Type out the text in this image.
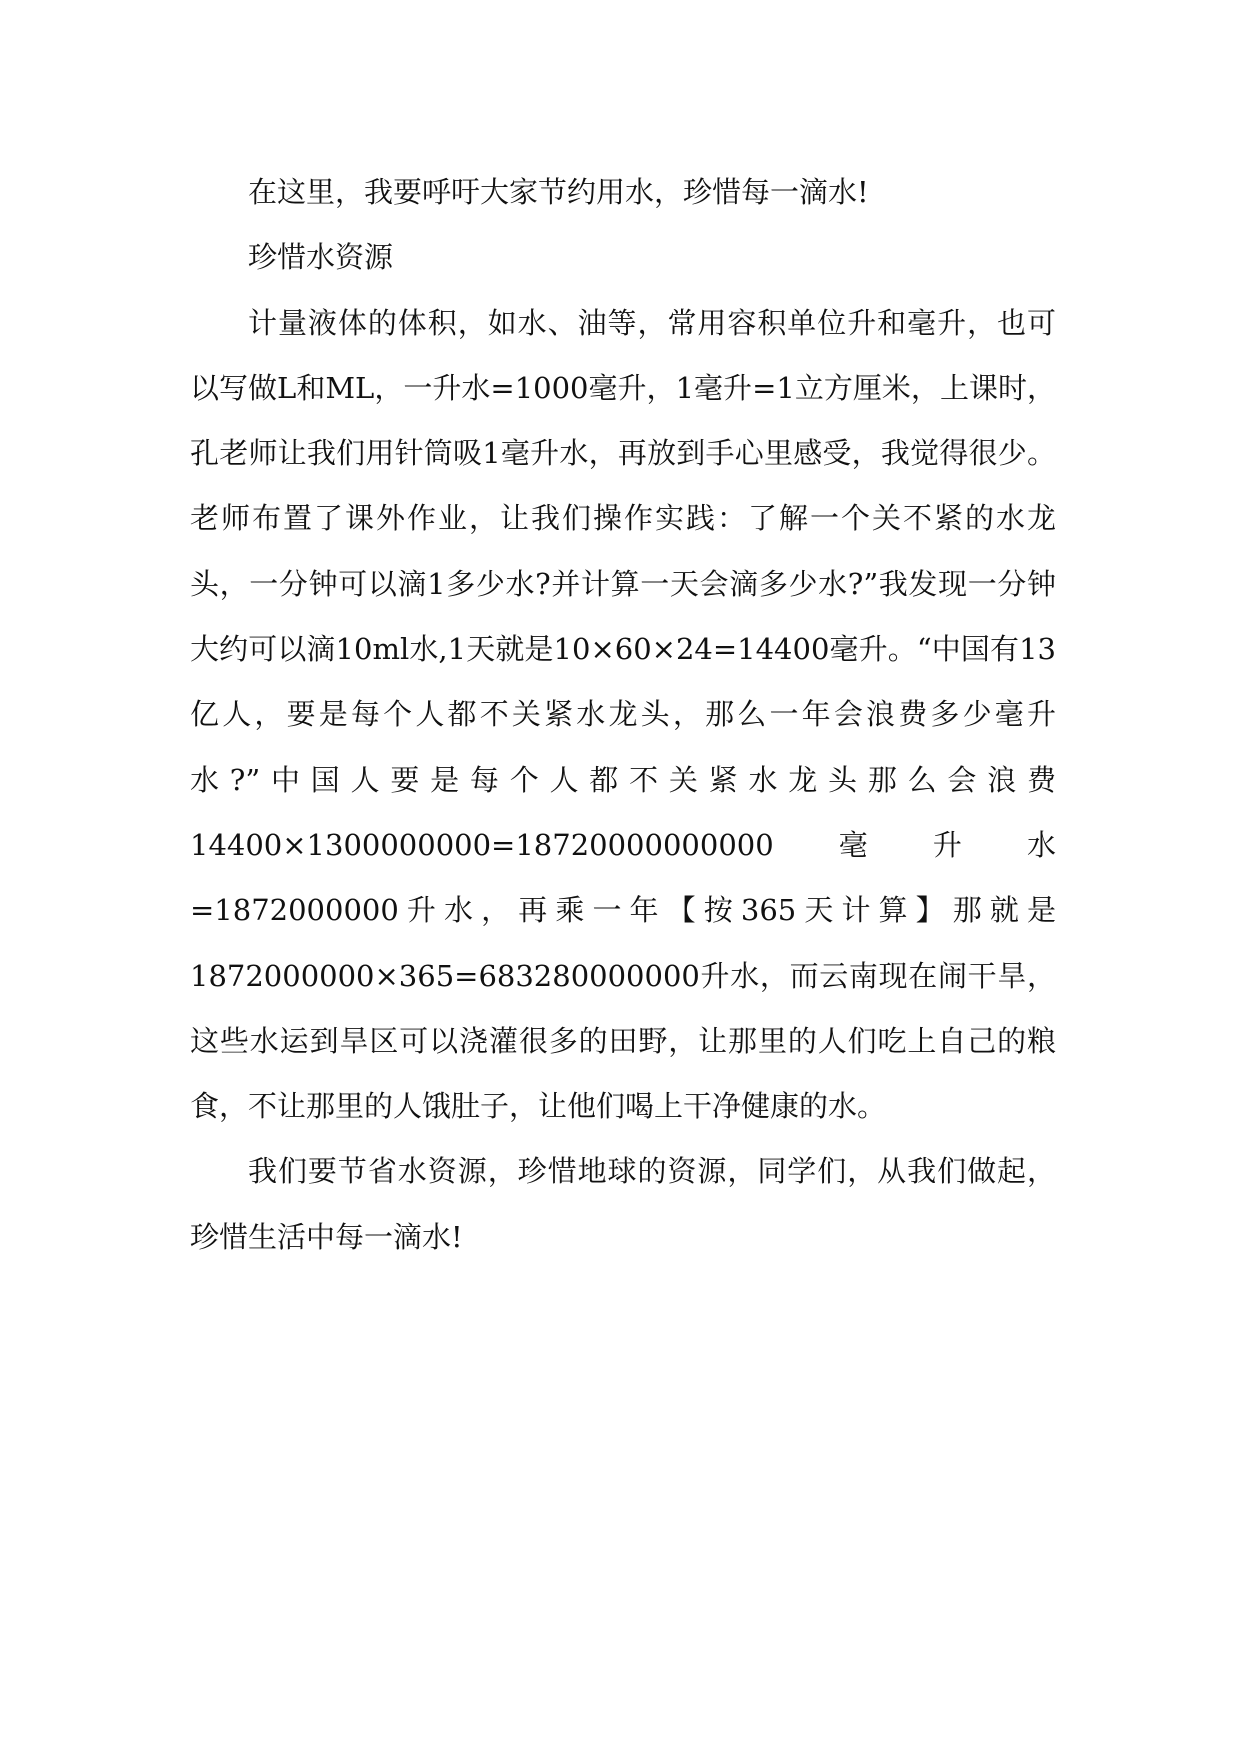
在这里，我要呼吁大家节约用水，珍惜每一滴水!

珍惜水资源

计量液体的体积，如水、油等，常用容积单位升和毫升，也可以写做L和ML，一升水=1000毫升，1毫升=1立方厘米，上课时，孔老师让我们用针筒吸1毫升水，再放到手心里感受，我觉得很少。老师布置了课外作业，让我们操作实践：了解一个关不紧的水龙头，一分钟可以滴1多少水?并计算一天会滴多少水?”我发现一分钟大约可以滴10ml水,1天就是10×60×24=14400毫升。“中国有13亿人，要是每个人都不关紧水龙头，那么一年会浪费多少毫升水?”中国人要是每个人都不关紧水龙头那么会浪费14400×1300000000=18720000000000毫升水=1872000000升水，再乘一年【按365天计算】那就是1872000000×365=683280000000升水，而云南现在闹干旱，这些水运到旱区可以浇灌很多的田野，让那里的人们吃上自己的粮食，不让那里的人饿肚子，让他们喝上干净健康的水。

我们要节省水资源，珍惜地球的资源，同学们，从我们做起，珍惜生活中每一滴水!
